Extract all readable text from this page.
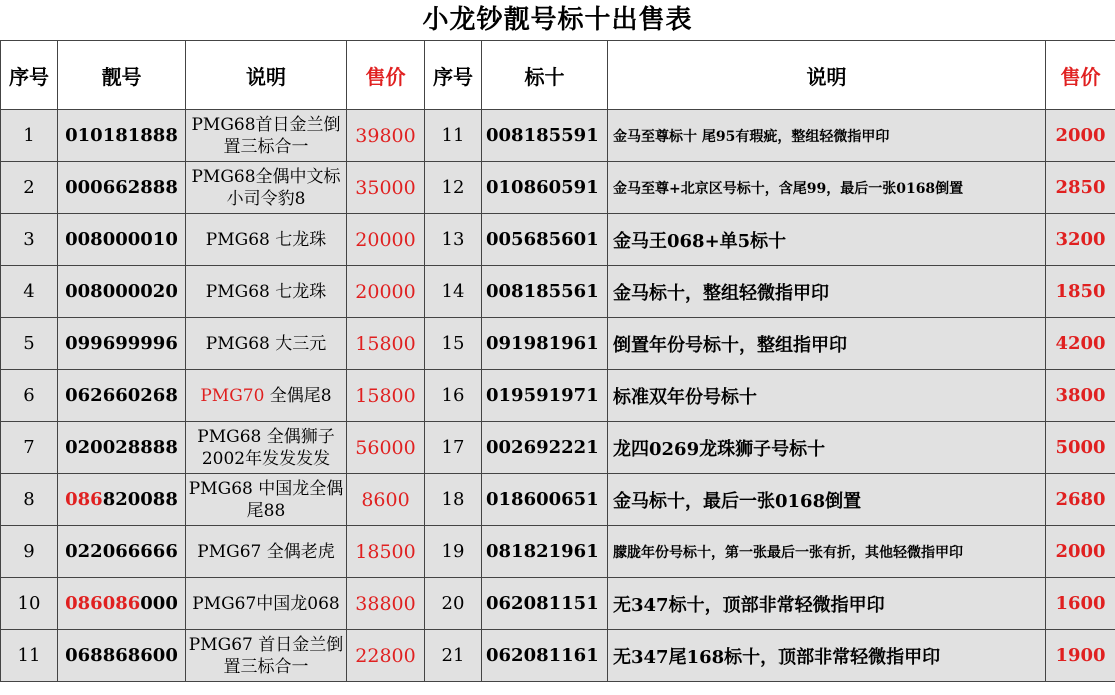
小龙钞靓号标十出售表
序号	靓号	说明	售价	序号	标十	说明	售价
1	010181888	PMG68首日金兰倒置三标合一	39800	11	008185591	金马至尊标十 尾95有瑕疵，整组轻微指甲印	2000
2	000662888	PMG68全偶中文标 小司令豹8	35000	12	010860591	金马至尊+北京区号标十，含尾99，最后一张0168倒置	2850
3	008000010	PMG68 七龙珠	20000	13	005685601	金马王068+单5标十	3200
4	008000020	PMG68 七龙珠	20000	14	008185561	金马标十，整组轻微指甲印	1850
5	099699996	PMG68 大三元	15800	15	091981961	倒置年份号标十，整组指甲印	4200
6	062660268	PMG70 全偶尾8	15800	16	019591971	标准双年份号标十	3800
7	020028888	PMG68 全偶狮子2002年发发发发	56000	17	002692221	龙四0269龙珠狮子号标十	5000
8	086820088	PMG68 中国龙全偶尾88	8600	18	018600651	金马标十，最后一张0168倒置	2680
9	022066666	PMG67 全偶老虎	18500	19	081821961	朦胧年份号标十，第一张最后一张有折，其他轻微指甲印	2000
10	086086000	PMG67中国龙068	38800	20	062081151	无347标十，顶部非常轻微指甲印	1600
11	068868600	PMG67 首日金兰倒置三标合一	22800	21	062081161	无347尾168标十，顶部非常轻微指甲印	1900
